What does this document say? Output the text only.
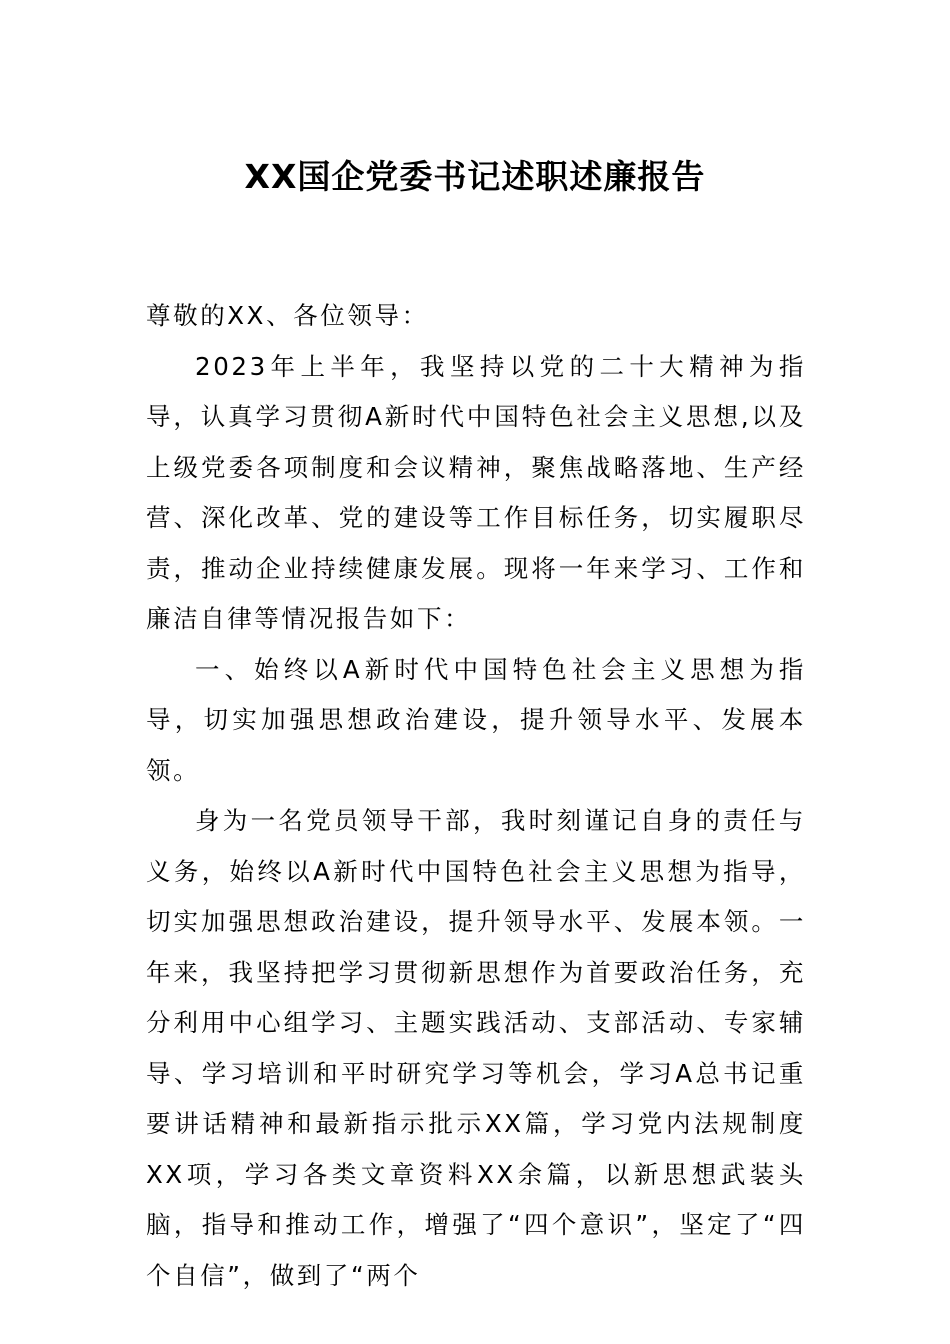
XX国企党委书记述职述廉报告

尊敬的XX、各位领导：

2023年上半年，我坚持以党的二十大精神为指导，认真学习贯彻A新时代中国特色社会主义思想,以及上级党委各项制度和会议精神，聚焦战略落地、生产经营、深化改革、党的建设等工作目标任务，切实履职尽责，推动企业持续健康发展。现将一年来学习、工作和廉洁自律等情况报告如下：

一、始终以A新时代中国特色社会主义思想为指导，切实加强思想政治建设，提升领导水平、发展本领。

身为一名党员领导干部，我时刻谨记自身的责任与义务，始终以A新时代中国特色社会主义思想为指导，切实加强思想政治建设，提升领导水平、发展本领。一年来，我坚持把学习贯彻新思想作为首要政治任务，充分利用中心组学习、主题实践活动、支部活动、专家辅导、学习培训和平时研究学习等机会，学习A总书记重要讲话精神和最新指示批示XX篇，学习党内法规制度XX项，学习各类文章资料XX余篇，以新思想武装头脑，指导和推动工作，增强了“四个意识”，坚定了“四个自信”，做到了“两个
